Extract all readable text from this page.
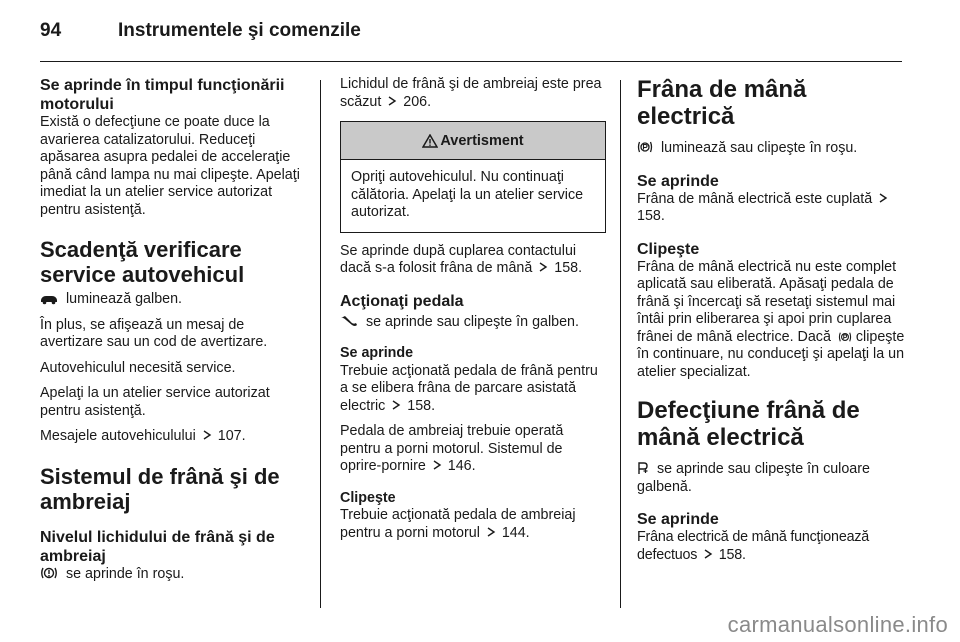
94	Instrumentele şi comenzile
Se aprinde în timpul funcţionării motorului
Există o defecţiune ce poate duce la avarierea catalizatorului. Reduceţi apăsarea asupra pedalei de acceleraţie până când lampa nu mai clipeşte. Apelaţi imediat la un atelier service autorizat pentru asistenţă.
Scadenţă verificare service autovehicul
luminează galben.
În plus, se afişează un mesaj de avertizare sau un cod de avertizare.
Autovehiculul necesită service.
Apelaţi la un atelier service autorizat pentru asistenţă.
Mesajele autovehiculului  107.
Sistemul de frână şi de ambreiaj
Nivelul lichidului de frână şi de ambreiaj
se aprinde în roşu.
Lichidul de frână şi de ambreiaj este prea scăzut  206.
Avertisment
Opriţi autovehiculul. Nu continuaţi călătoria. Apelaţi la un atelier service autorizat.
Se aprinde după cuplarea contactului dacă s-a folosit frâna de mână  158.
Acţionaţi pedala
se aprinde sau clipeşte în galben.
Se aprinde
Trebuie acţionată pedala de frână pentru a se elibera frâna de parcare asistată electric  158.
Pedala de ambreiaj trebuie operată pentru a porni motorul. Sistemul de oprire-pornire  146.
Clipeşte
Trebuie acţionată pedala de ambreiaj pentru a porni motorul  144.
Frâna de mână electrică
luminează sau clipeşte în roşu.
Se aprinde
Frâna de mână electrică este cuplată  158.
Clipeşte
Frâna de mână electrică nu este complet aplicată sau eliberată. Apăsaţi pedala de frână şi încercaţi să resetaţi sistemul mai întâi prin eliberarea şi apoi prin cuplarea frânei de mână electrice. Dacă  clipeşte în continuare, nu conduceţi şi apelaţi la un atelier specializat.
Defecţiune frână de mână electrică
se aprinde sau clipeşte în culoare galbenă.
Se aprinde
Frâna electrică de mână funcţionează defectuos  158.
carmanualsonline.info
